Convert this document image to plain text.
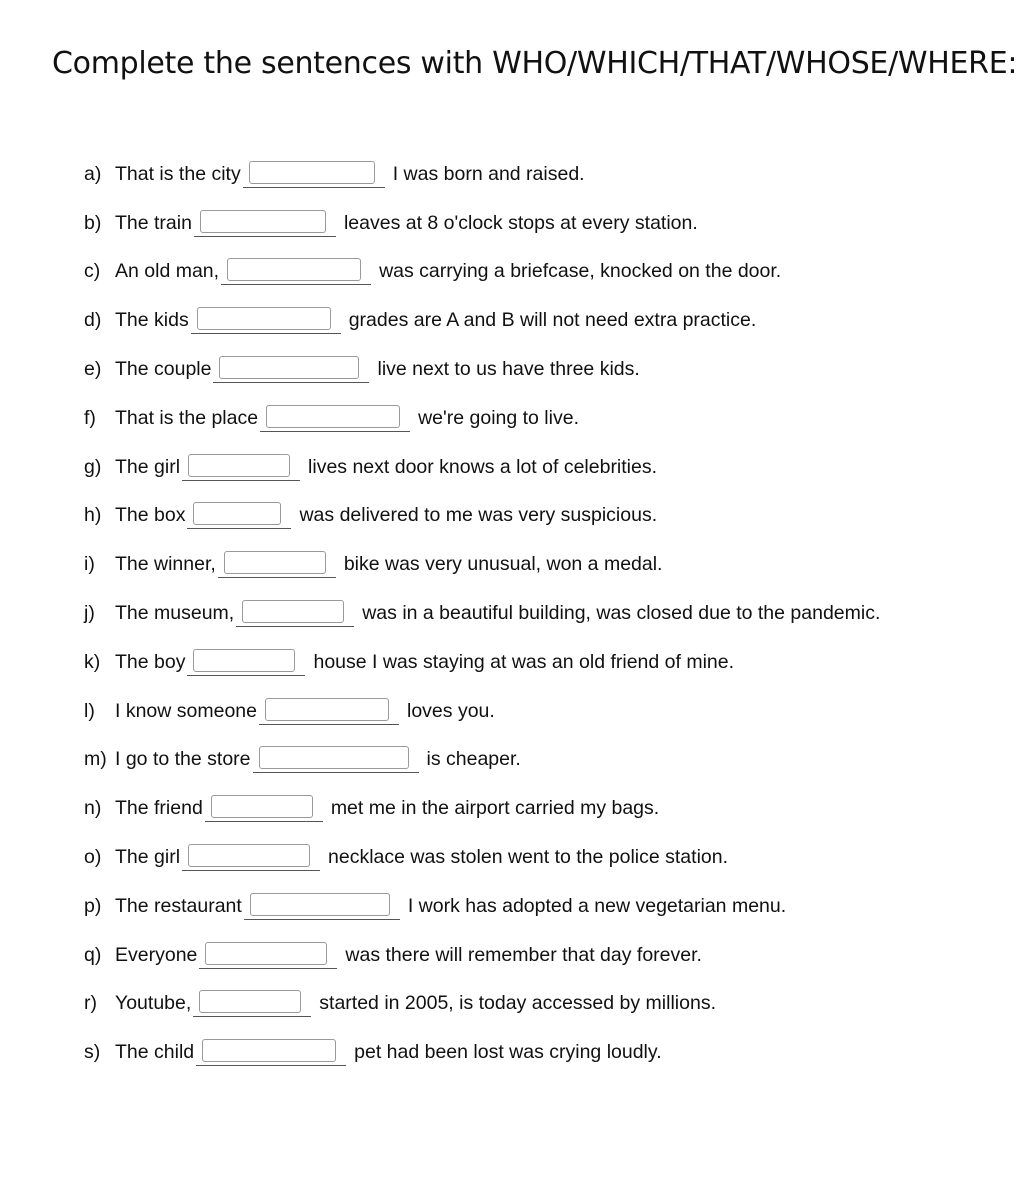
Complete the sentences with WHO/WHICH/THAT/WHOSE/WHERE:
a) That is the city	I was born and raised.
b) The train	leaves at 8 o'clock stops at every station.
c) An old man,	was carrying a briefcase, knocked on the door.
d) The kids	grades are A and B will not need extra practice.
e) The couple	live next to us have three kids.
f) That is the place	we're going to live.
g) The girl	lives next door knows a lot of celebrities.
h) The box	was delivered to me was very suspicious.
i)	The winner,	bike was very unusual, won a medal.
j)	The museum,	was in a beautiful building, was closed due to the pandemic.
k) The boy	house I was staying at was an old friend of mine.
l)	I know someone	loves you.
m) I go to the store	is cheaper.
n) The friend	met me in the airport carried my bags.
o) The girl	necklace was stolen went to the police station.
p) The restaurant	I work has adopted a new vegetarian menu.
q) Everyone	was there will remember that day forever.
r) Youtube,	started in 2005, is today accessed by millions.
s) The child	pet had been lost was crying loudly.
